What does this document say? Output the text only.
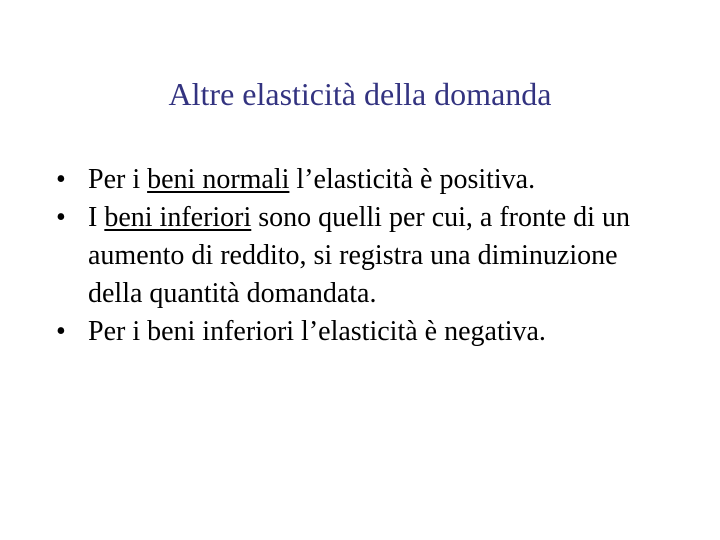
Altre elasticità della domanda
• Per i beni normali l’elasticità è positiva.
• I beni inferiori sono quelli per cui, a fronte di un aumento di reddito, si registra una diminuzione della quantità domandata.
• Per i beni inferiori l’elasticità è negativa.
